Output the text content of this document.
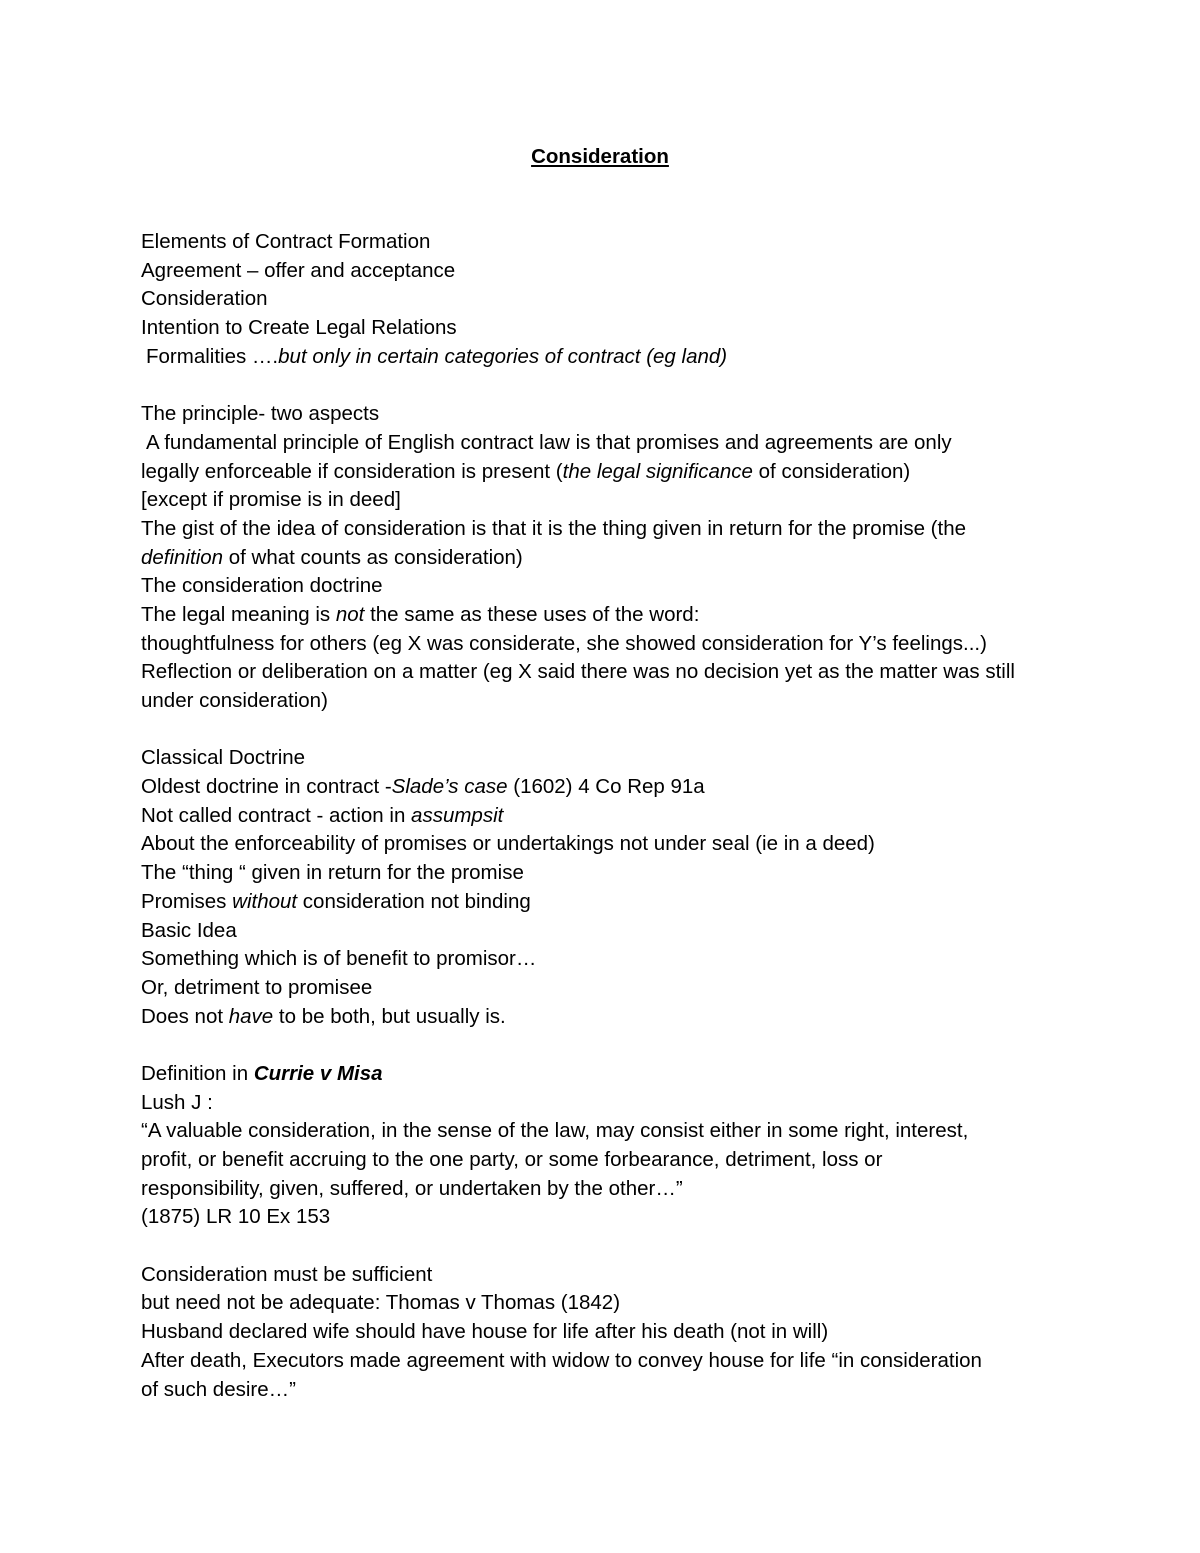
Consideration
Elements of Contract Formation
Agreement – offer and acceptance
Consideration
Intention to Create Legal Relations
Formalities ….but only in certain categories of contract (eg land)
The principle- two aspects
A fundamental principle of English contract law is that promises and agreements are only
legally enforceable if consideration is present (the legal significance of consideration)
[except if promise is in deed]
The gist of the idea of consideration is that it is the thing given in return for the promise (the
definition of what counts as consideration)
The consideration doctrine
The legal meaning is not the same as these uses of the word:
thoughtfulness for others (eg X was considerate, she showed consideration for Y’s feelings...)
Reflection or deliberation on a matter (eg X said there was no decision yet as the matter was still
under consideration)
Classical Doctrine
Oldest doctrine in contract -Slade’s case (1602) 4 Co Rep 91a
Not called contract - action in assumpsit
About the enforceability of promises or undertakings not under seal (ie in a deed)
The “thing “ given in return for the promise
Promises without consideration not binding
Basic Idea
Something which is of benefit to promisor…
Or, detriment to promisee
Does not have to be both, but usually is.
Definition in Currie v Misa
Lush J :
“A valuable consideration, in the sense of the law, may consist either in some right, interest,
profit, or benefit accruing to the one party, or some forbearance, detriment, loss or
responsibility, given, suffered, or undertaken by the other…”
(1875) LR 10 Ex 153
Consideration must be sufficient
but need not be adequate: Thomas v Thomas (1842)
Husband declared wife should have house for life after his death (not in will)
After death, Executors made agreement with widow to convey house for life “in consideration
of such desire…”
